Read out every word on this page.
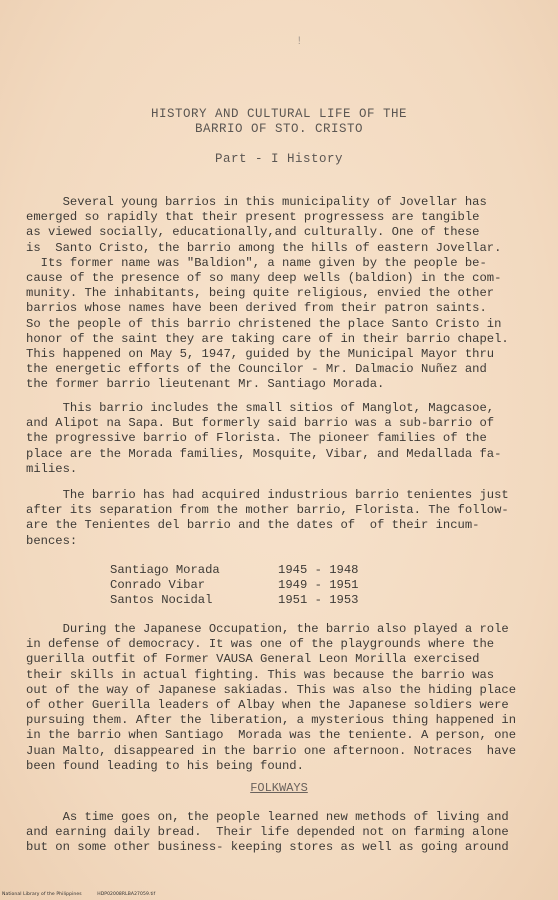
!
HISTORY AND CULTURAL LIFE OF THE
BARRIO OF STO. CRISTO
Part - I History
Several young barrios in this municipality of Jovellar has
emerged so rapidly that their present progressess are tangible
as viewed socially, educationally,and culturally. One of these
is  Santo Cristo, the barrio among the hills of eastern Jovellar.
Its former name was "Baldion", a name given by the people be-
cause of the presence of so many deep wells (baldion) in the com-
munity. The inhabitants, being quite religious, envied the other
barrios whose names have been derived from their patron saints.
So the people of this barrio christened the place Santo Cristo in
honor of the saint they are taking care of in their barrio chapel.
This happened on May 5, 1947, guided by the Municipal Mayor thru
the energetic efforts of the Councilor - Mr. Dalmacio Nuñez and
the former barrio lieutenant Mr. Santiago Morada.
This barrio includes the small sitios of Manglot, Magcasoe,
and Alipot na Sapa. But formerly said barrio was a sub-barrio of
the progressive barrio of Florista. The pioneer families of the
place are the Morada families, Mosquite, Vibar, and Medallada fa-
milies.
The barrio has had acquired industrious barrio tenientes just
after its separation from the mother barrio, Florista. The follow-
are the Tenientes del barrio and the dates of  of their incum-
bences:
Santiago Morada	1945 - 1948
Conrado Vibar	1949 - 1951
Santos Nocidal	1951 - 1953
During the Japanese Occupation, the barrio also played a role
in defense of democracy. It was one of the playgrounds where the
guerilla outfit of Former VAUSA General Leon Morilla exercised
their skills in actual fighting. This was because the barrio was
out of the way of Japanese sakiadas. This was also the hiding place
of other Guerilla leaders of Albay when the Japanese soldiers were
pursuing them. After the liberation, a mysterious thing happened in
in the barrio when Santiago  Morada was the teniente. A person, one
Juan Malto, disappeared in the barrio one afternoon. Notraces  have
been found leading to his being found.
FOLKWAYS
As time goes on, the people learned new methods of living and
and earning daily bread.  Their life depended not on farming alone
but on some other business- keeping stores as well as going around
National Library of the Philippines	HDP02008RLBA27059.tif
